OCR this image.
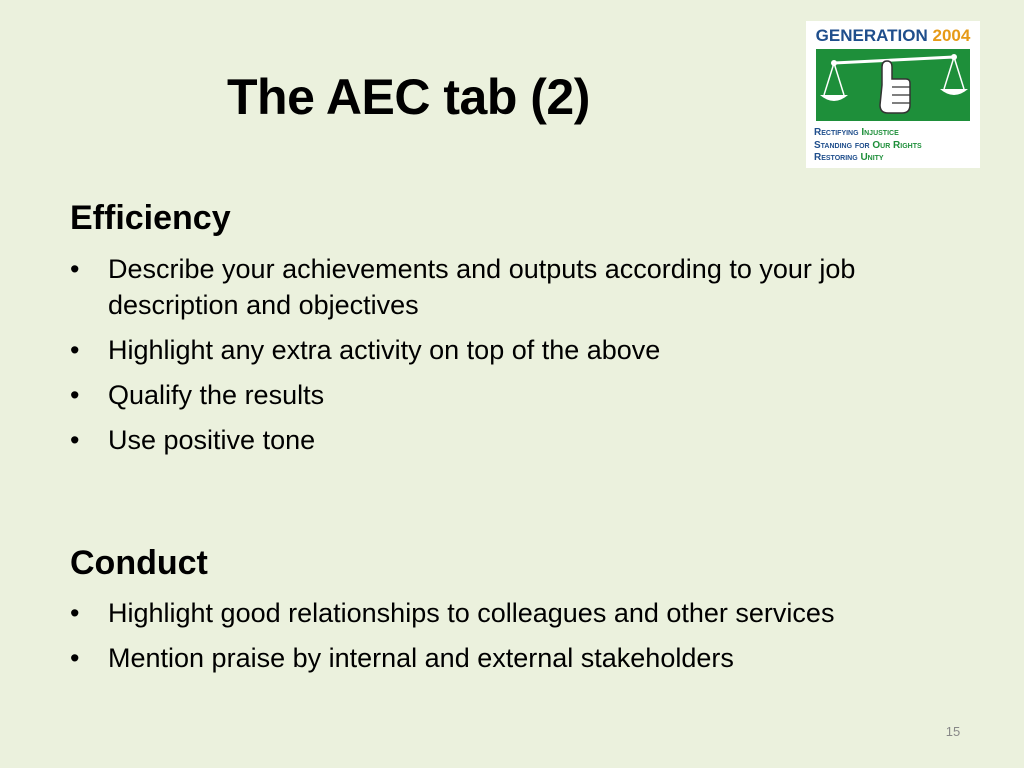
The AEC tab (2)
GENERATION 2004
Rectifying Injustice
Standing for Our Rights
Restoring Unity
Efficiency
• Describe your achievements and outputs according to your job description and objectives
• Highlight any extra activity on top of the above
• Qualify the results
• Use positive tone
Conduct
• Highlight good relationships to colleagues and other services
• Mention praise by internal and external stakeholders
15
